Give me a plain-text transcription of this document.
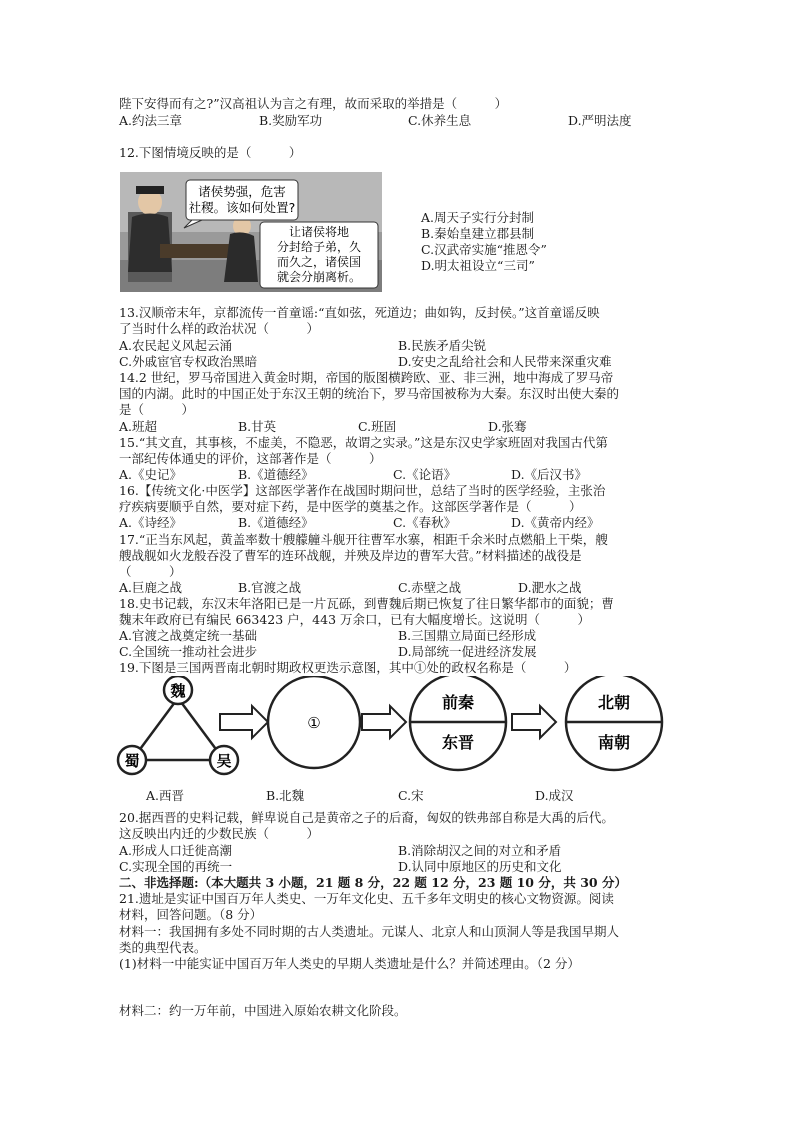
陛下安得而有之?”汉高祖认为言之有理，故而采取的举措是（　　　）
A.约法三章	B.奖励军功	C.休养生息	D.严明法度
12.下图情境反映的是（　　　）
诸侯势强，危害
社稷。该如何处置?
让诸侯将地
分封给子弟，久
而久之，诸侯国
就会分崩离析。
A.周天子实行分封制
B.秦始皇建立郡县制
C.汉武帝实施“推恩令”
D.明太祖设立“三司”
13.汉顺帝末年，京都流传一首童谣:“直如弦，死道边；曲如钩，反封侯。”这首童谣反映
了当时什么样的政治状况（　　　）
A.农民起义风起云涌	B.民族矛盾尖锐
C.外戚宦官专权政治黑暗	D.安史之乱给社会和人民带来深重灾难
14.2 世纪，罗马帝国进入黄金时期，帝国的版图横跨欧、亚、非三洲，地中海成了罗马帝
国的内湖。此时的中国正处于东汉王朝的统治下，罗马帝国被称为大秦。东汉时出使大秦的
是（　　　）
A.班超	B.甘英	C.班固	D.张骞
15.“其文直，其事核，不虚美，不隐恶，故谓之实录。”这是东汉史学家班固对我国古代第
一部纪传体通史的评价，这部著作是（　　　）
A.《史记》	B.《道德经》	C.《论语》	D.《后汉书》
16.【传统文化·中医学】这部医学著作在战国时期问世，总结了当时的医学经验，主张治
疗疾病要顺乎自然，要对症下药，是中医学的奠基之作。这部医学著作是（　　　）
A.《诗经》	B.《道德经》	C.《春秋》	D.《黄帝内经》
17.“正当东风起，黄盖率数十艘艨艟斗舰开往曹军水寨，相距千余米时点燃船上干柴，艘
艘战舰如火龙般吞没了曹军的连环战舰，并殃及岸边的曹军大营。”材料描述的战役是
（　　　）
A.巨鹿之战	B.官渡之战	C.赤壁之战	D.淝水之战
18.史书记载，东汉末年洛阳已是一片瓦砾，到曹魏后期已恢复了往日繁华都市的面貌；曹
魏末年政府已有编民 663423 户，443 万余口，已有大幅度增长。这说明（　　　）
A.官渡之战奠定统一基础	B.三国鼎立局面已经形成
C.全国统一推动社会进步	D.局部统一促进经济发展
19.下图是三国两晋南北朝时期政权更迭示意图，其中①处的政权名称是（　　　）
魏
蜀	吴
①
前秦
东晋
北朝
南朝
A.西晋	B.北魏	C.宋	D.成汉
20.据西晋的史料记载，鲜卑说自己是黄帝之子的后裔，匈奴的铁弗部自称是大禹的后代。
这反映出内迁的少数民族（　　　）
A.形成人口迁徙高潮	B.消除胡汉之间的对立和矛盾
C.实现全国的再统一	D.认同中原地区的历史和文化
二、非选择题:（本大题共 3 小题，21 题 8 分，22 题 12 分，23 题 10 分，共 30 分）
21.遗址是实证中国百万年人类史、一万年文化史、五千多年文明史的核心文物资源。阅读
材料，回答问题。（8 分）
材料一：我国拥有多处不同时期的古人类遗址。元谋人、北京人和山顶洞人等是我国早期人
类的典型代表。
(1)材料一中能实证中国百万年人类史的早期人类遗址是什么？并简述理由。（2 分）
材料二：约一万年前，中国进入原始农耕文化阶段。
